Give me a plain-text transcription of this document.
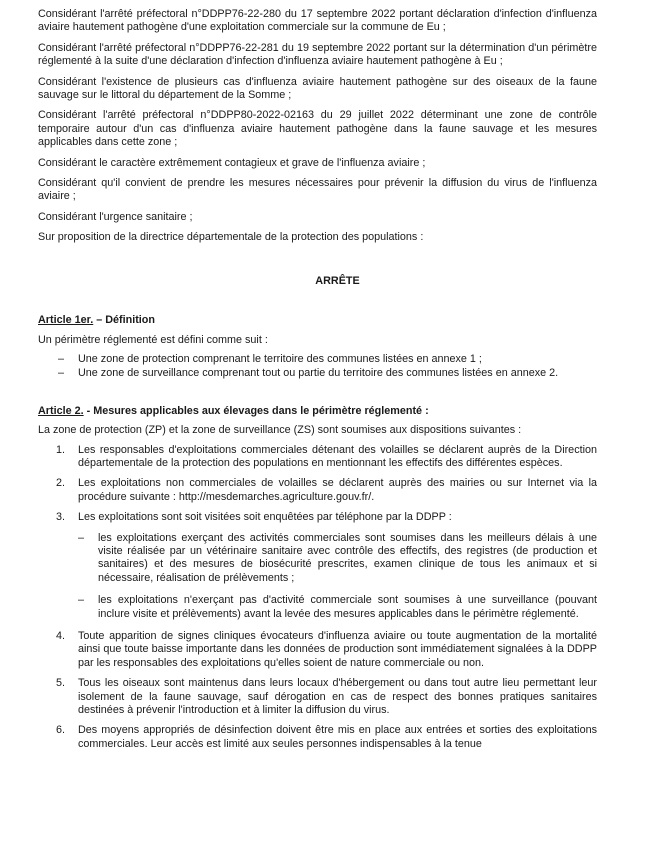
Considérant l'arrêté préfectoral n°DDPP76-22-280 du 17 septembre 2022 portant déclaration d'infection d'influenza aviaire hautement pathogène d'une exploitation commerciale sur la commune de Eu ;

Considérant l'arrêté préfectoral n°DDPP76-22-281 du 19 septembre 2022 portant sur la détermination d'un périmètre réglementé à la suite d'une déclaration d'infection d'influenza aviaire hautement pathogène à Eu ;

Considérant l'existence de plusieurs cas d'influenza aviaire hautement pathogène sur des oiseaux de la faune sauvage sur le littoral du département de la Somme ;

Considérant l'arrêté préfectoral n°DDPP80-2022-02163 du 29 juillet 2022 déterminant une zone de contrôle temporaire autour d'un cas d'influenza aviaire hautement pathogène dans la faune sauvage et les mesures applicables dans cette zone ;

Considérant le caractère extrêmement contagieux et grave de l'influenza aviaire ;

Considérant qu'il convient de prendre les mesures nécessaires pour prévenir la diffusion du virus de l'influenza aviaire ;

Considérant l'urgence sanitaire ;

Sur proposition de la directrice départementale de la protection des populations :

ARRÊTE
Article 1er. – Définition

Un périmètre réglementé est défini comme suit :

– Une zone de protection comprenant le territoire des communes listées en annexe 1 ;
– Une zone de surveillance comprenant tout ou partie du territoire des communes listées en annexe 2.
Article 2. - Mesures applicables aux élevages dans le périmètre réglementé :

La zone de protection (ZP) et la zone de surveillance (ZS) sont soumises aux dispositions suivantes :

1. Les responsables d'exploitations commerciales détenant des volailles se déclarent auprès de la Direction départementale de la protection des populations en mentionnant les effectifs des différentes espèces.
2. Les exploitations non commerciales de volailles se déclarent auprès des mairies ou sur Internet via la procédure suivante : http://mesdemarches.agriculture.gouv.fr/.
3. Les exploitations sont soit visitées soit enquêtées par téléphone par la DDPP :
– les exploitations exerçant des activités commerciales sont soumises dans les meilleurs délais à une visite réalisée par un vétérinaire sanitaire avec contrôle des effectifs, des registres (de production et sanitaires) et des mesures de biosécurité prescrites, examen clinique de tous les animaux et si nécessaire, réalisation de prélèvements ;
– les exploitations n'exerçant pas d'activité commerciale sont soumises à une surveillance (pouvant inclure visite et prélèvements) avant la levée des mesures applicables dans le périmètre réglementé.
4. Toute apparition de signes cliniques évocateurs d'influenza aviaire ou toute augmentation de la mortalité ainsi que toute baisse importante dans les données de production sont immédiatement signalées à la DDPP par les responsables des exploitations qu'elles soient de nature commerciale ou non.
5. Tous les oiseaux sont maintenus dans leurs locaux d'hébergement ou dans tout autre lieu permettant leur isolement de la faune sauvage, sauf dérogation en cas de respect des bonnes pratiques sanitaires destinées à prévenir l'introduction et à limiter la diffusion du virus.
6. Des moyens appropriés de désinfection doivent être mis en place aux entrées et sorties des exploitations commerciales. Leur accès est limité aux seules personnes indispensables à la tenue
